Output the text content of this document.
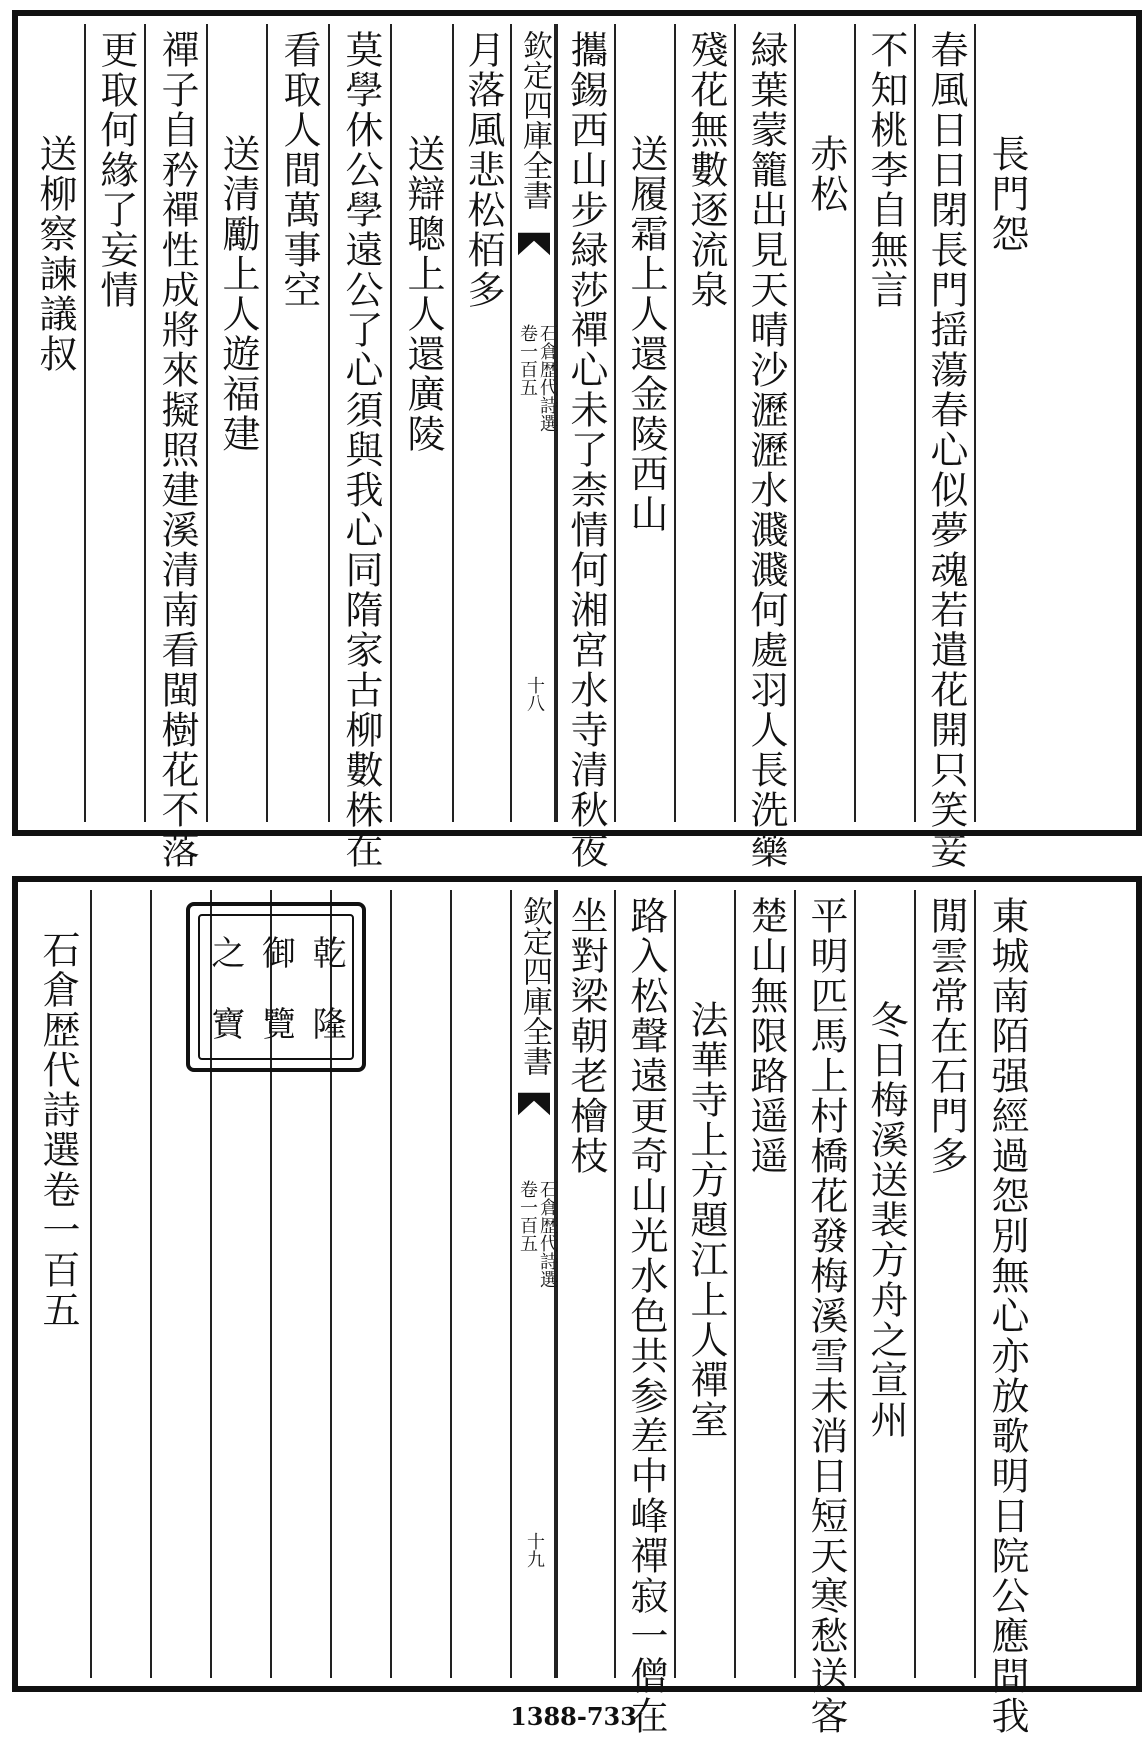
送柳察諫議叔 更取何緣了妄情 禪子自矜禪性成將來擬照建溪清南看閩樹花不落 送清勵上人遊福建 看取人間萬事空 莫學休公學遠公了心須與我心同隋家古柳數株在 送辯聰上人還廣陵 月落風悲松栢多 欽定四庫全書
石倉歴代詩選
卷一百五
十八 攜錫西山步緑莎禪心未了柰情何湘宮水寺清秋夜 送履霜上人還金陵西山 殘花無數逐流泉 緑葉蒙籠出見天晴沙瀝瀝水濺濺何處羽人長洗藥 赤松 不知桃李自無言 春風日日閉長門揺蕩春心似夢魂若遣花開只笑妾 長門怨
石倉歴代詩選卷一百五	之 御 乾
寶 覽 隆	欽定四庫全書
石倉歴代詩選
卷一百五
十九
坐對梁朝老檜枝 路入松聲遠更奇山光水色共参差中峰禪寂一僧在 法華寺上方題江上人禪室 楚山無限路遥遥 平明匹馬上村橋花發梅溪雪未消日短天寒愁送客 冬日梅溪送裴方舟之宣州 閒雲常在石門多 東城南陌强經過怨別無心亦放歌明日院公應問我
1388-733
